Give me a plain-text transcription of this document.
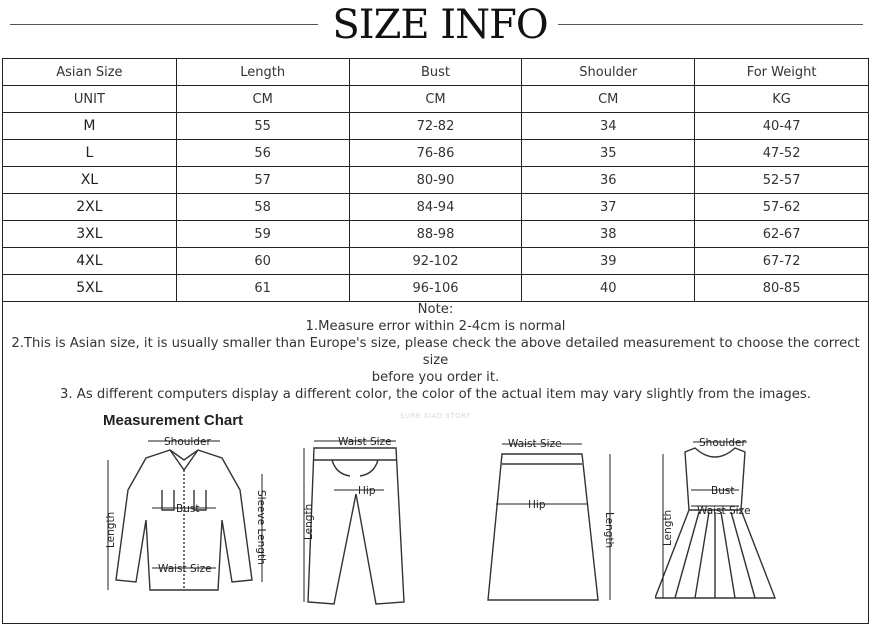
SIZE INFO
Asian Size	Length	Bust	Shoulder	For Weight
UNIT	CM	CM	CM	KG
M	55	72-82	34	40-47
L	56	76-86	35	47-52
XL	57	80-90	36	52-57
2XL	58	84-94	37	57-62
3XL	59	88-98	38	62-67
4XL	60	92-102	39	67-72
5XL	61	96-106	40	80-85
Note:
1.Measure error within 2-4cm is normal
2.This is Asian size, it is usually smaller than Europe's size, please check the above detailed measurement to choose the correct size
before you order it.
3. As different computers display a different color, the color of the actual item may vary slightly from the images.
Measurement Chart	SURE XIAO STORY
Shoulder
Bust
Waist Size
Length	Sleeve Length
Waist Size
Hip
Length
Waist Size
Hip
Length
Shoulder
Bust
Waist Size
Length
